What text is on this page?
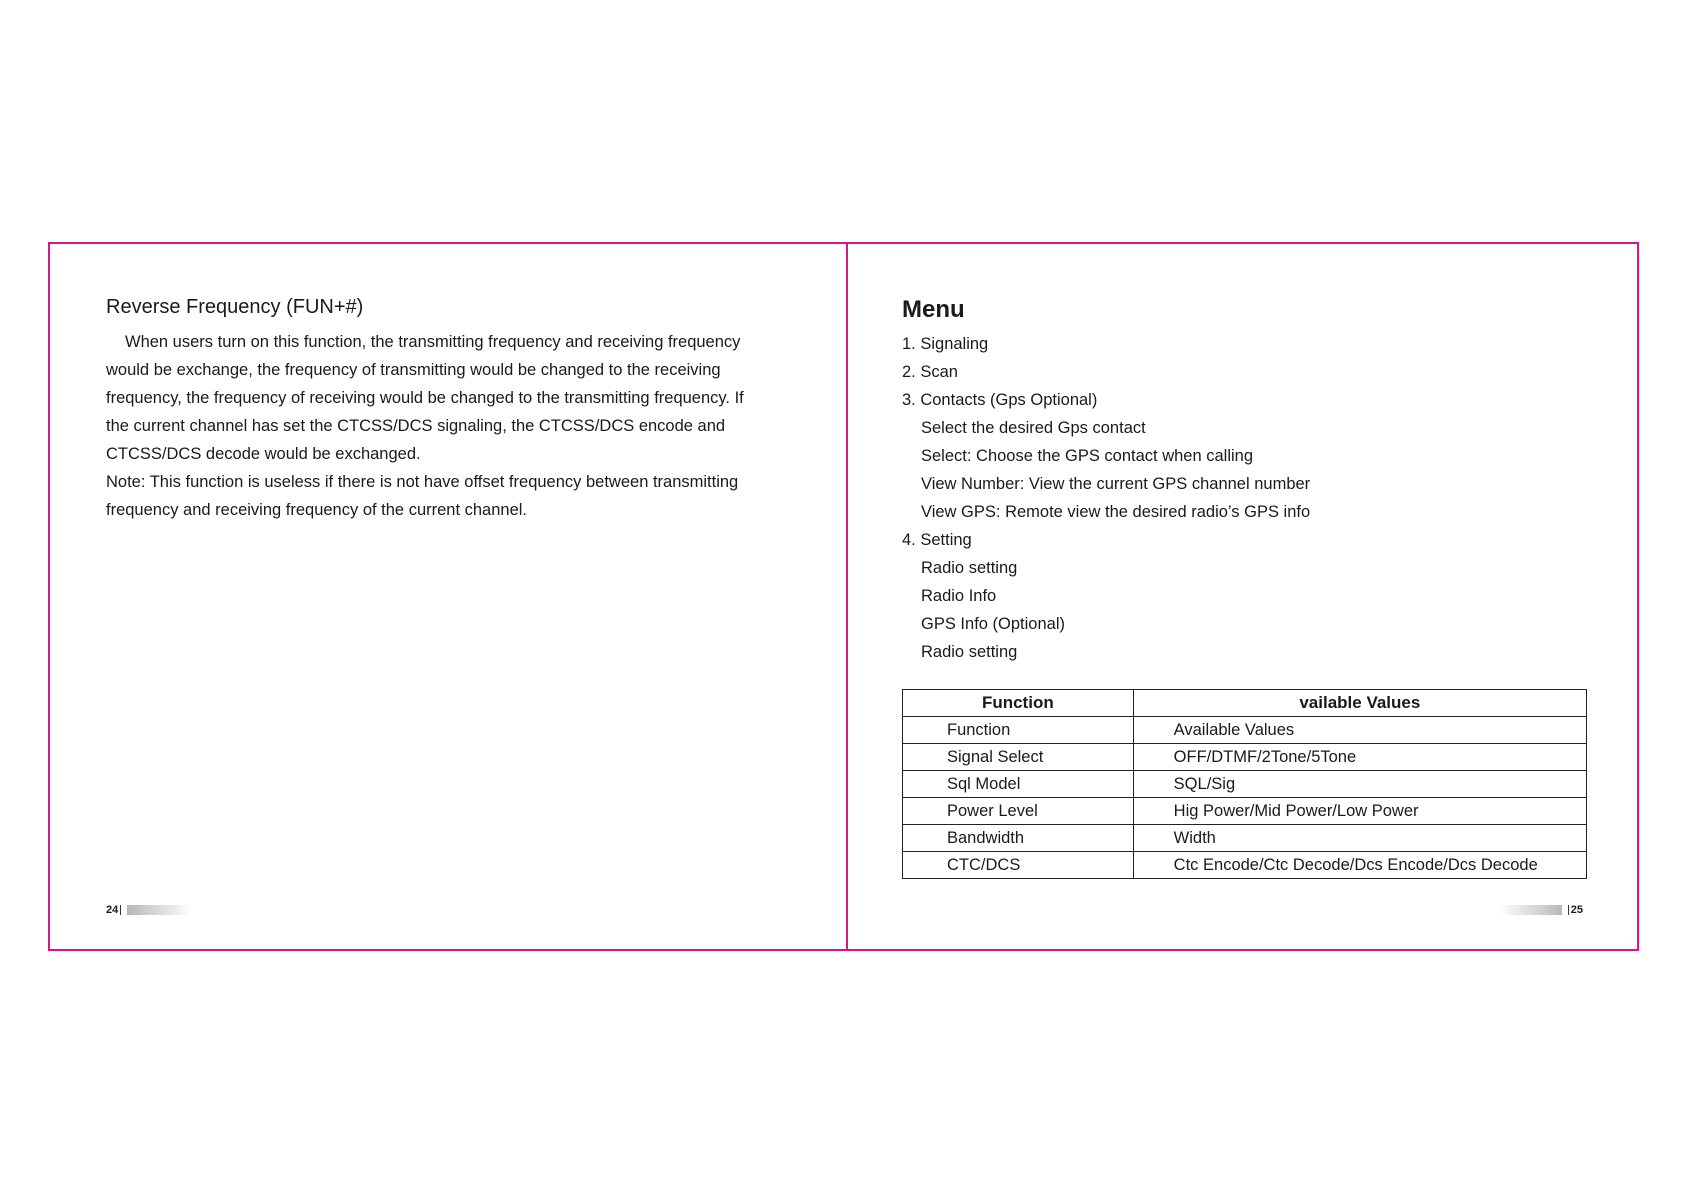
Reverse Frequency (FUN+#)

When users turn on this function, the transmitting frequency and receiving frequency
would be exchange, the frequency of transmitting would be changed to the receiving
frequency, the frequency of receiving would be changed to the transmitting frequency. If
the current channel has set the CTCSS/DCS signaling, the CTCSS/DCS encode and
CTCSS/DCS decode would be exchanged.
Note: This function is useless if there is not have offset frequency between transmitting
frequency and receiving frequency of the current channel.

24
Menu
1. Signaling
2. Scan
3. Contacts (Gps Optional)
Select the desired Gps contact
Select: Choose the GPS contact when calling
View Number: View the current GPS channel number
View GPS: Remote view the desired radio’s GPS info
4. Setting
Radio setting
Radio Info
GPS Info (Optional)
Radio setting
Function	vailable Values
Function	Available Values
Signal Select	OFF/DTMF/2Tone/5Tone
Sql Model	SQL/Sig
Power Level	Hig Power/Mid Power/Low Power
Bandwidth	Width
CTC/DCS	Ctc Encode/Ctc Decode/Dcs Encode/Dcs Decode
25
